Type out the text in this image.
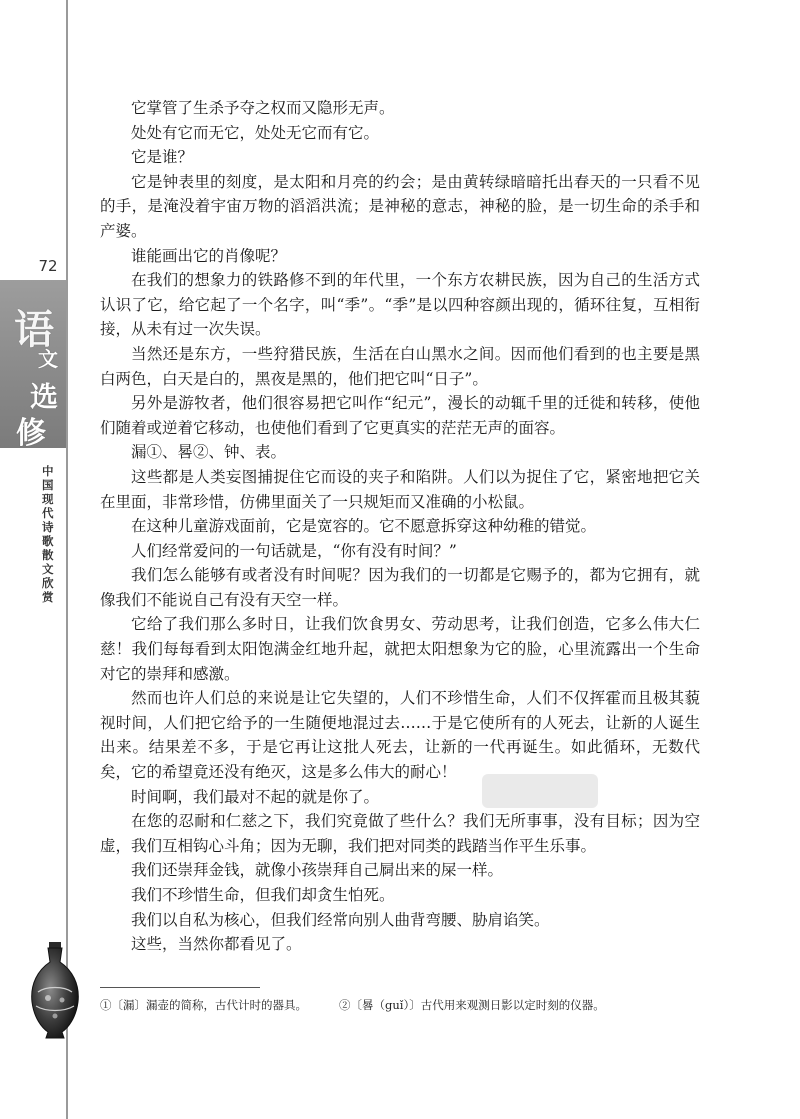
72
语
文
选
修
中国现代诗歌散文欣赏

它掌管了生杀予夺之权而又隐形无声。

处处有它而无它，处处无它而有它。

它是谁？

它是钟表里的刻度，是太阳和月亮的约会；是由黄转绿暗暗托出春天的一只看不见的手，是淹没着宇宙万物的滔滔洪流；是神秘的意志，神秘的脸，是一切生命的杀手和产婆。

谁能画出它的肖像呢？

在我们的想象力的铁路修不到的年代里，一个东方农耕民族，因为自己的生活方式认识了它，给它起了一个名字，叫“季”。“季”是以四种容颜出现的，循环往复，互相衔接，从未有过一次失误。

当然还是东方，一些狩猎民族，生活在白山黑水之间。因而他们看到的也主要是黑白两色，白天是白的，黑夜是黑的，他们把它叫“日子”。

另外是游牧者，他们很容易把它叫作“纪元”，漫长的动辄千里的迁徙和转移，使他们随着或逆着它移动，也使他们看到了它更真实的茫茫无声的面容。

漏①、晷②、钟、表。

这些都是人类妄图捕捉住它而设的夹子和陷阱。人们以为捉住了它，紧密地把它关在里面，非常珍惜，仿佛里面关了一只规矩而又准确的小松鼠。

在这种儿童游戏面前，它是宽容的。它不愿意拆穿这种幼稚的错觉。

人们经常爱问的一句话就是，“你有没有时间？”

我们怎么能够有或者没有时间呢？因为我们的一切都是它赐予的，都为它拥有，就像我们不能说自己有没有天空一样。

它给了我们那么多时日，让我们饮食男女、劳动思考，让我们创造，它多么伟大仁慈！我们每每看到太阳饱满金红地升起，就把太阳想象为它的脸，心里流露出一个生命对它的崇拜和感激。

然而也许人们总的来说是让它失望的，人们不珍惜生命，人们不仅挥霍而且极其藐视时间，人们把它给予的一生随便地混过去……于是它使所有的人死去，让新的人诞生出来。结果差不多，于是它再让这批人死去，让新的一代再诞生。如此循环，无数代矣，它的希望竟还没有绝灭，这是多么伟大的耐心！

时间啊，我们最对不起的就是你了。

在您的忍耐和仁慈之下，我们究竟做了些什么？我们无所事事，没有目标；因为空虚，我们互相钩心斗角；因为无聊，我们把对同类的践踏当作平生乐事。

我们还崇拜金钱，就像小孩崇拜自己屙出来的屎一样。

我们不珍惜生命，但我们却贪生怕死。

我们以自私为核心，但我们经常向别人曲背弯腰、胁肩谄笑。

这些，当然你都看见了。

①〔漏〕漏壶的简称，古代计时的器具。	②〔晷（guǐ）〕古代用来观测日影以定时刻的仪器。
